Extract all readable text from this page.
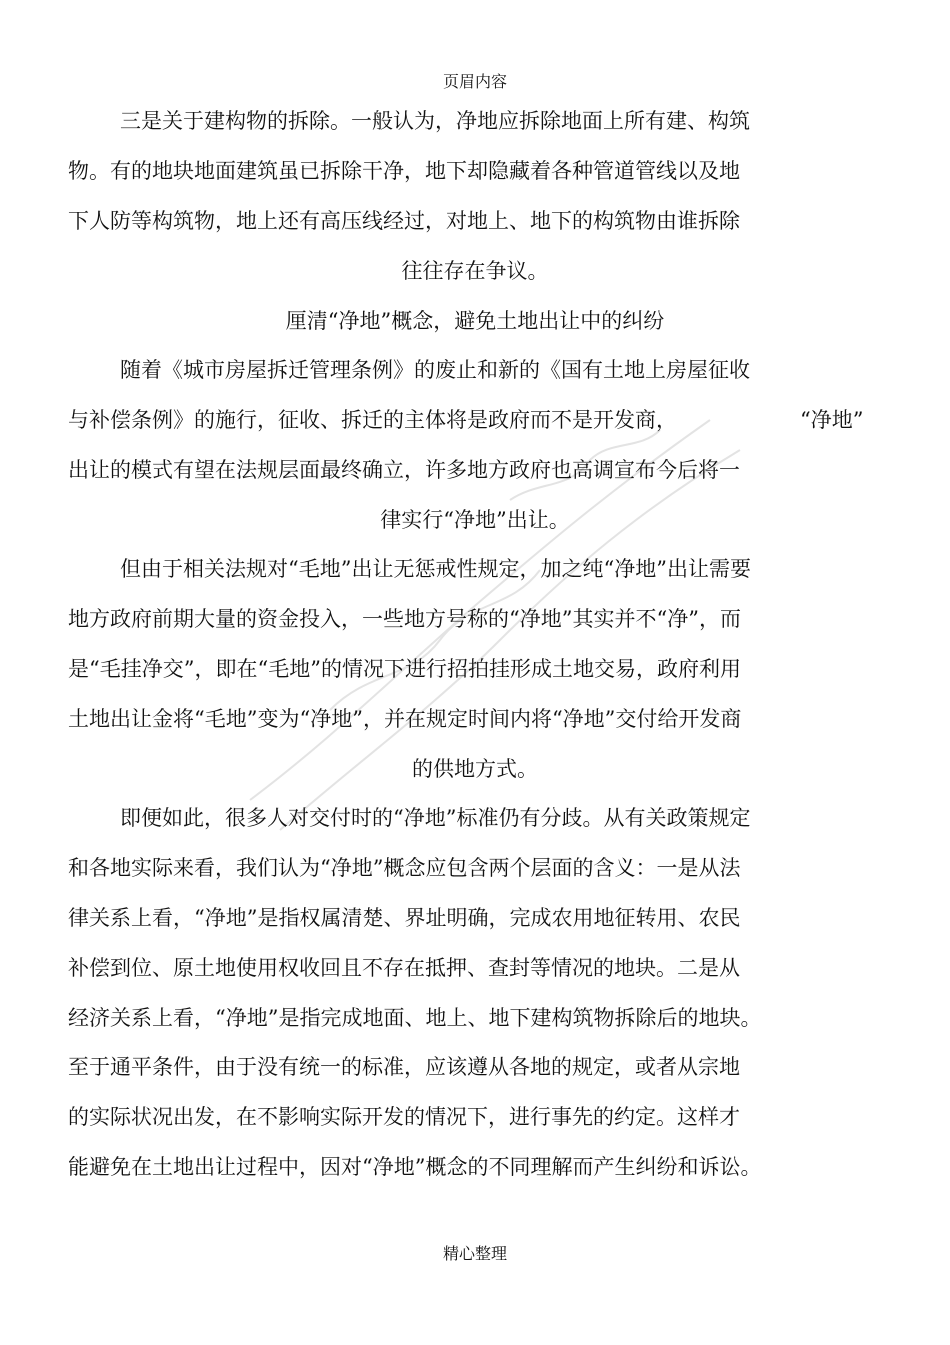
页眉内容
三是关于建构物的拆除。一般认为，净地应拆除地面上所有建、构筑
物。有的地块地面建筑虽已拆除干净，地下却隐藏着各种管道管线以及地
下人防等构筑物，地上还有高压线经过，对地上、地下的构筑物由谁拆除
往往存在争议。
厘清“净地”概念，避免土地出让中的纠纷
随着《城市房屋拆迁管理条例》的废止和新的《国有土地上房屋征收
与补偿条例》的施行，征收、拆迁的主体将是政府而不是开发商，	“净地”
出让的模式有望在法规层面最终确立，许多地方政府也高调宣布今后将一
律实行“净地”出让。
但由于相关法规对“毛地”出让无惩戒性规定，加之纯“净地”出让需要
地方政府前期大量的资金投入，一些地方号称的“净地”其实并不“净”，而
是“毛挂净交”，即在“毛地”的情况下进行招拍挂形成土地交易，政府利用
土地出让金将“毛地”变为“净地”，并在规定时间内将“净地”交付给开发商
的供地方式。
即便如此，很多人对交付时的“净地”标准仍有分歧。从有关政策规定
和各地实际来看，我们认为“净地”概念应包含两个层面的含义：一是从法
律关系上看，“净地”是指权属清楚、界址明确，完成农用地征转用、农民
补偿到位、原土地使用权收回且不存在抵押、查封等情况的地块。二是从
经济关系上看，“净地”是指完成地面、地上、地下建构筑物拆除后的地块。
至于通平条件，由于没有统一的标准，应该遵从各地的规定，或者从宗地
的实际状况出发，在不影响实际开发的情况下，进行事先的约定。这样才
能避免在土地出让过程中，因对“净地”概念的不同理解而产生纠纷和诉讼。
精心整理
